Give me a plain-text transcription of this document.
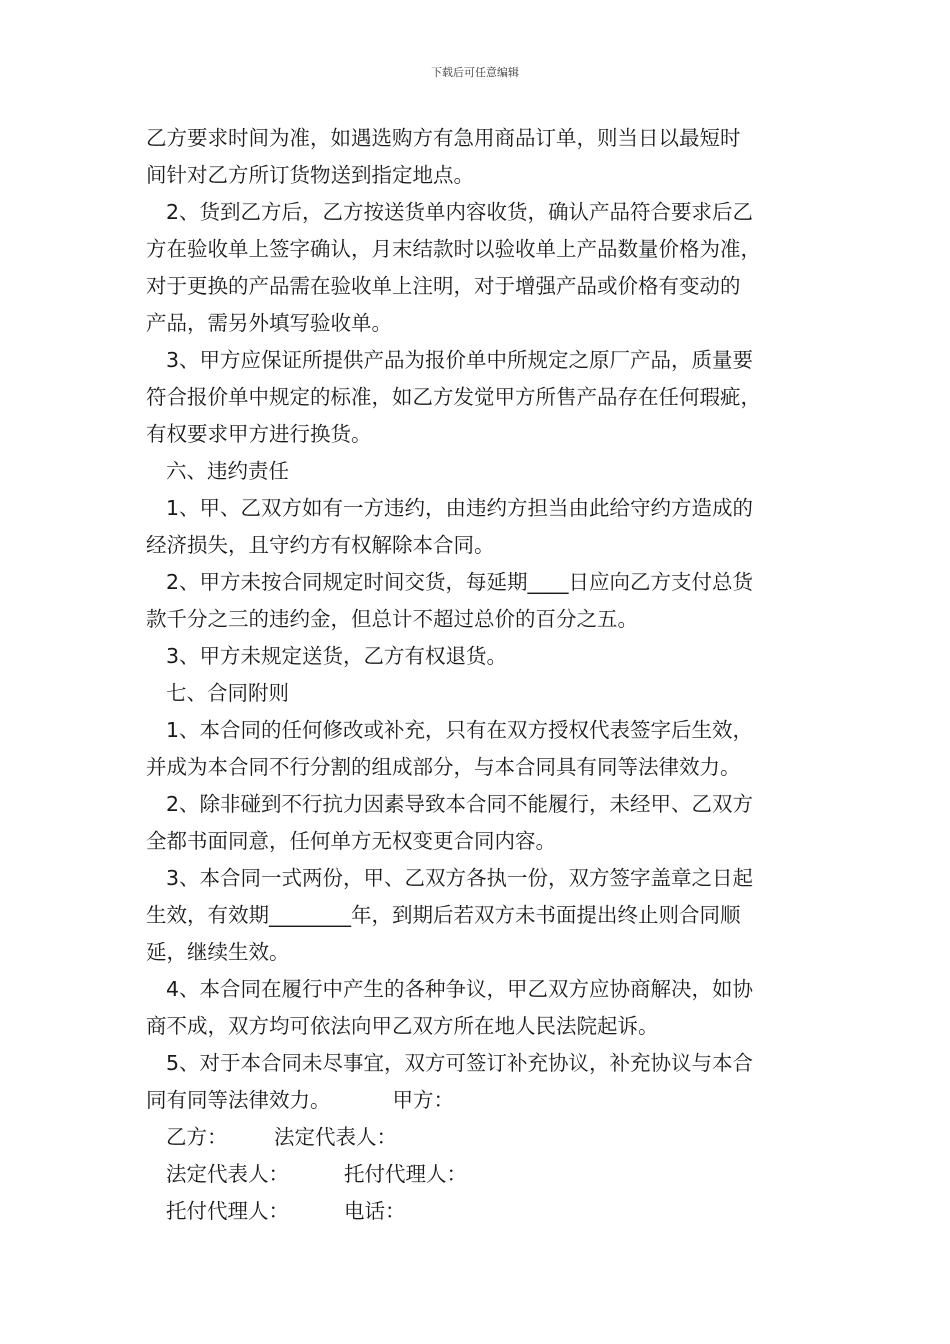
下载后可任意编辑
乙方要求时间为准，如遇选购方有急用商品订单，则当日以最短时
间针对乙方所订货物送到指定地点。
2、货到乙方后，乙方按送货单内容收货，确认产品符合要求后乙
方在验收单上签字确认，月末结款时以验收单上产品数量价格为准，
对于更换的产品需在验收单上注明，对于增强产品或价格有变动的
产品，需另外填写验收单。
3、甲方应保证所提供产品为报价单中所规定之原厂产品，质量要
符合报价单中规定的标准，如乙方发觉甲方所售产品存在任何瑕疵，
有权要求甲方进行换货。
六、违约责任
1、甲、乙双方如有一方违约，由违约方担当由此给守约方造成的
经济损失，且守约方有权解除本合同。
2、甲方未按合同规定时间交货，每延期____日应向乙方支付总货
款千分之三的违约金，但总计不超过总价的百分之五。
3、甲方未规定送货，乙方有权退货。
七、合同附则
1、本合同的任何修改或补充，只有在双方授权代表签字后生效，
并成为本合同不行分割的组成部分，与本合同具有同等法律效力。
2、除非碰到不行抗力因素导致本合同不能履行，未经甲、乙双方
全都书面同意，任何单方无权变更合同内容。
3、本合同一式两份，甲、乙双方各执一份，双方签字盖章之日起
生效，有效期________年，到期后若双方未书面提出终止则合同顺
延，继续生效。
4、本合同在履行中产生的各种争议，甲乙双方应协商解决，如协
商不成，双方均可依法向甲乙双方所在地人民法院起诉。
5、对于本合同未尽事宜，双方可签订补充协议，补充协议与本合
同有同等法律效力。	甲方：
乙方： 法定代表人：
法定代表人：	托付代理人：
托付代理人：	电话：
